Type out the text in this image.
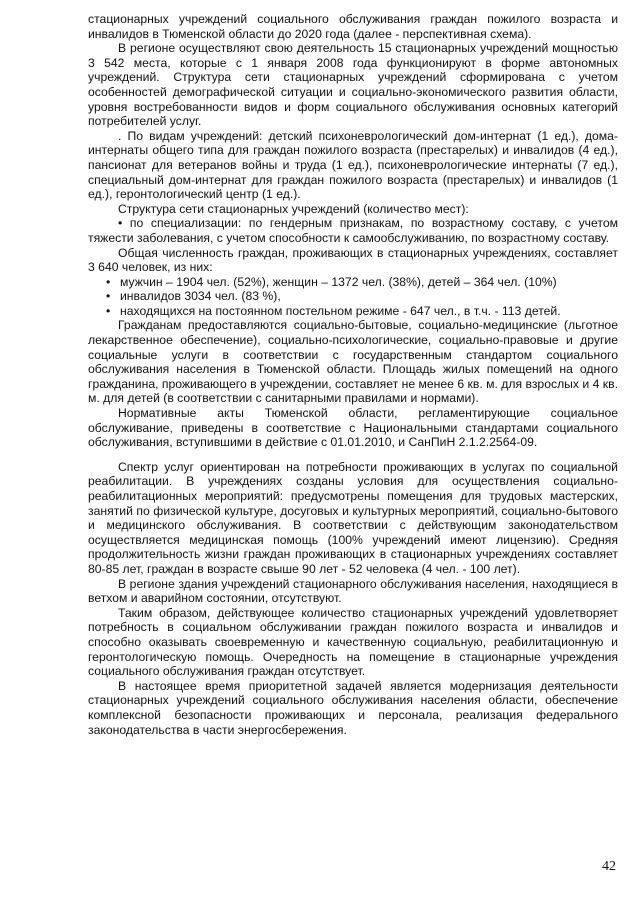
стационарных учреждений социального обслуживания граждан пожилого возраста и инвалидов в Тюменской области до 2020 года (далее - перспективная схема).

В регионе осуществляют свою деятельность 15 стационарных учреждений мощностью 3 542 места, которые с 1 января 2008 года функционируют в форме автономных учреждений. Структура сети стационарных учреждений сформирована с учетом особенностей демографической ситуации и социально-экономического развития области, уровня востребованности видов и форм социального обслуживания основных категорий потребителей услуг.

. По видам учреждений: детский психоневрологический дом-интернат (1 ед.), дома-интернаты общего типа для граждан пожилого возраста (престарелых) и инвалидов (4 ед.), пансионат для ветеранов войны и труда (1 ед.), психоневрологические интернаты (7 ед.), специальный дом-интернат для граждан пожилого возраста (престарелых) и инвалидов (1 ед.), геронтологический центр (1 ед.).

Структура сети стационарных учреждений (количество мест):

• по специализации: по гендерным признакам, по возрастному составу, с учетом тяжести заболевания, с учетом способности к самообслуживанию, по возрастному составу.

Общая численность граждан, проживающих в стационарных учреждениях, составляет 3 640 человек, из них:

• мужчин – 1904 чел. (52%), женщин – 1372 чел. (38%), детей – 364 чел. (10%)
• инвалидов 3034 чел. (83 %),
• находящихся на постоянном постельном режиме - 647 чел., в т.ч. - 113 детей.

Гражданам предоставляются социально-бытовые, социально-медицинские (льготное лекарственное обеспечение), социально-психологические, социально-правовые и другие социальные услуги в соответствии с государственным стандартом социального обслуживания населения в Тюменской области. Площадь жилых помещений на одного гражданина, проживающего в учреждении, составляет не менее 6 кв. м. для взрослых и 4 кв. м. для детей (в соответствии с санитарными правилами и нормами).

Нормативные акты Тюменской области, регламентирующие социальное обслуживание, приведены в соответствие с Национальными стандартами социального обслуживания, вступившими в действие с 01.01.2010, и СанПиН 2.1.2.2564-09.

Спектр услуг ориентирован на потребности проживающих в услугах по социальной реабилитации. В учреждениях созданы условия для осуществления социально-реабилитационных мероприятий: предусмотрены помещения для трудовых мастерских, занятий по физической культуре, досуговых и культурных мероприятий, социально-бытового и медицинского обслуживания. В соответствии с действующим законодательством осуществляется медицинская помощь (100% учреждений имеют лицензию). Средняя продолжительность жизни граждан проживающих в стационарных учреждениях составляет 80-85 лет, граждан в возрасте свыше 90 лет - 52 человека (4 чел. - 100 лет).

В регионе здания учреждений стационарного обслуживания населения, находящиеся в ветхом и аварийном состоянии, отсутствуют.

Таким образом, действующее количество стационарных учреждений удовлетворяет потребность в социальном обслуживании граждан пожилого возраста и инвалидов и способно оказывать своевременную и качественную социальную, реабилитационную и геронтологическую помощь. Очередность на помещение в стационарные учреждения социального обслуживания граждан отсутствует.

В настоящее время приоритетной задачей является модернизация деятельности стационарных учреждений социального обслуживания населения области, обеспечение комплексной безопасности проживающих и персонала, реализация федерального законодательства в части энергосбережения.

42
